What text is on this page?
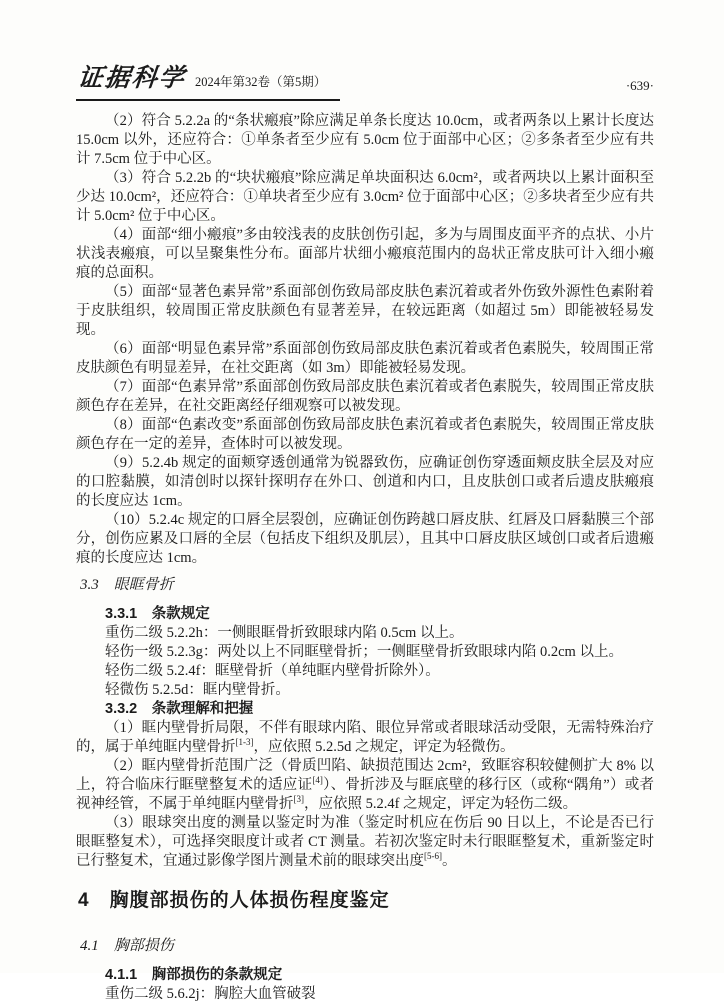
证据科学 2024年第32卷（第5期）	·639·

（2）符合 5.2.2a 的“条状瘢痕”除应满足单条长度达 10.0cm，或者两条以上累计长度达 15.0cm 以外，还应符合：①单条者至少应有 5.0cm 位于面部中心区；②多条者至少应有共计 7.5cm 位于中心区。

（3）符合 5.2.2b 的“块状瘢痕”除应满足单块面积达 6.0cm²，或者两块以上累计面积至少达 10.0cm²，还应符合：①单块者至少应有 3.0cm² 位于面部中心区；②多块者至少应有共计 5.0cm² 位于中心区。

（4）面部“细小瘢痕”多由较浅表的皮肤创伤引起，多为与周围皮面平齐的点状、小片状浅表瘢痕，可以呈聚集性分布。面部片状细小瘢痕范围内的岛状正常皮肤可计入细小瘢痕的总面积。

（5）面部“显著色素异常”系面部创伤致局部皮肤色素沉着或者外伤致外源性色素附着于皮肤组织，较周围正常皮肤颜色有显著差异，在较远距离（如超过 5m）即能被轻易发现。

（6）面部“明显色素异常”系面部创伤致局部皮肤色素沉着或者色素脱失，较周围正常皮肤颜色有明显差异，在社交距离（如 3m）即能被轻易发现。

（7）面部“色素异常”系面部创伤致局部皮肤色素沉着或者色素脱失，较周围正常皮肤颜色存在差异，在社交距离经仔细观察可以被发现。

（8）面部“色素改变”系面部创伤致局部皮肤色素沉着或者色素脱失，较周围正常皮肤颜色存在一定的差异，查体时可以被发现。

（9）5.2.4b 规定的面颊穿透创通常为锐器致伤，应确证创伤穿透面颊皮肤全层及对应的口腔黏膜，如清创时以探针探明存在外口、创道和内口，且皮肤创口或者后遗皮肤瘢痕的长度应达 1cm。

（10）5.2.4c 规定的口唇全层裂创，应确证创伤跨越口唇皮肤、红唇及口唇黏膜三个部分，创伤应累及口唇的全层（包括皮下组织及肌层），且其中口唇皮肤区域创口或者后遗瘢痕的长度应达 1cm。

3.3　眼眶骨折
3.3.1　条款规定

重伤二级 5.2.2h：一侧眼眶骨折致眼球内陷 0.5cm 以上。

轻伤一级 5.2.3g：两处以上不同眶壁骨折；一侧眶壁骨折致眼球内陷 0.2cm 以上。

轻伤二级 5.2.4f：眶壁骨折（单纯眶内壁骨折除外）。

轻微伤 5.2.5d：眶内壁骨折。

3.3.2　条款理解和把握

（1）眶内壁骨折局限，不伴有眼球内陷、眼位异常或者眼球活动受限，无需特殊治疗的，属于单纯眶内壁骨折[1-3]，应依照 5.2.5d 之规定，评定为轻微伤。

（2）眶内壁骨折范围广泛（骨质凹陷、缺损范围达 2cm²，致眶容积较健侧扩大 8% 以上，符合临床行眶壁整复术的适应证[4]）、骨折涉及与眶底壁的移行区（或称“隅角”）或者视神经管，不属于单纯眶内壁骨折[3]，应依照 5.2.4f 之规定，评定为轻伤二级。

（3）眼球突出度的测量以鉴定时为准（鉴定时机应在伤后 90 日以上，不论是否已行眼眶整复术），可选择突眼度计或者 CT 测量。若初次鉴定时未行眼眶整复术，重新鉴定时已行整复术，宜通过影像学图片测量术前的眼球突出度[5-6]。

4　胸腹部损伤的人体损伤程度鉴定
4.1　胸部损伤
4.1.1　胸部损伤的条款规定

重伤二级 5.6.2j：胸腔大血管破裂
